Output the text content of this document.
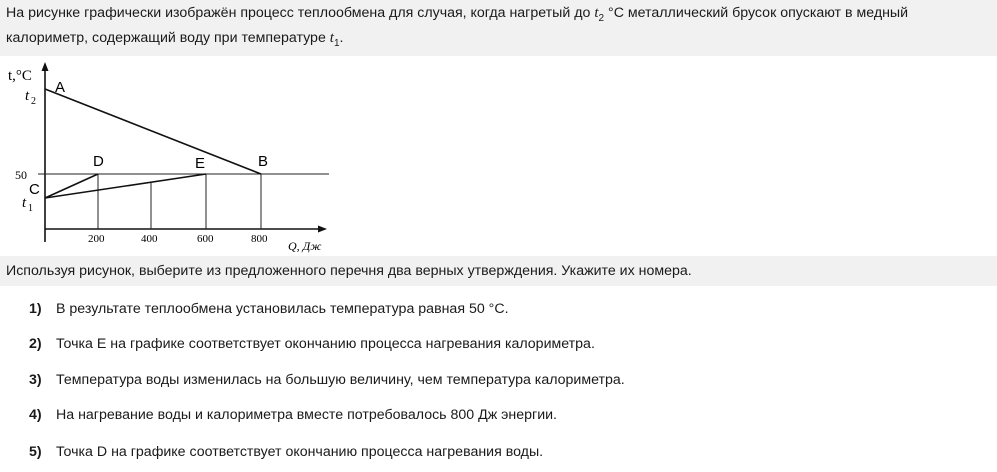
На рисунке графически изображён процесс теплообмена для случая, когда нагретый до $t_2$ °C металлический брусок опускают в медный

калориметр, содержащий воду при температуре $t_1$.

t,°C
t 2
50
t 1
A
B
C
D	E
200	400	600	800 Q, Дж
Используя рисунок, выберите из предложенного перечня два верных утверждения. Укажите их номера.
1) В результате теплообмена установилась температура равная 50 °C.
2) Точка E на графике соответствует окончанию процесса нагревания калориметра.
3) Температура воды изменилась на большую величину, чем температура калориметра.
4) На нагревание воды и калориметра вместе потребовалось 800 Дж энергии.
5) Точка D на графике соответствует окончанию процесса нагревания воды.
